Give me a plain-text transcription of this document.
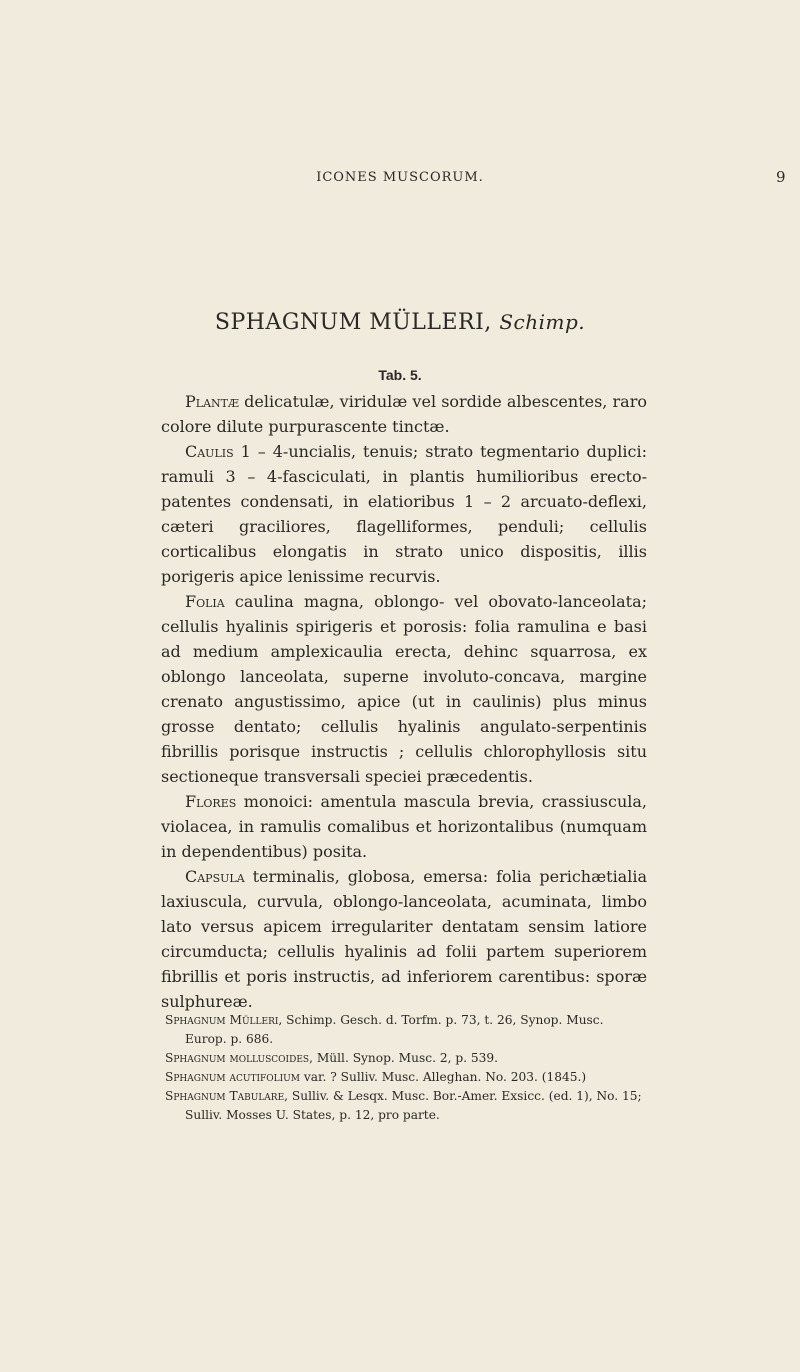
ICONES MUSCORUM.	9
SPHAGNUM MÜLLERI, Schimp.
Tab. 5.

Plantæ delicatulæ, viridulæ vel sordide albescentes, raro colore dilute purpurascente tinctæ.

Caulis 1 – 4-uncialis, tenuis; strato tegmentario duplici: ramuli 3 – 4-fasciculati, in plantis humilioribus erecto-patentes condensati, in elatioribus 1 – 2 arcuato-deflexi, cæteri graciliores, flagelliformes, penduli; cellulis corticalibus elongatis in strato unico dispositis, illis porigeris apice lenissime recurvis.

Folia caulina magna, oblongo- vel obovato-lanceolata; cellulis hyalinis spirigeris et porosis: folia ramulina e basi ad medium amplexicaulia erecta, dehinc squarrosa, ex oblongo lanceolata, superne involuto-concava, margine crenato angustissimo, apice (ut in caulinis) plus minus grosse dentato; cellulis hyalinis angulato-serpentinis fibrillis porisque instructis ; cellulis chlorophyllosis situ sectioneque transversali speciei præcedentis.

Flores monoici: amentula mascula brevia, crassiuscula, violacea, in ramulis comalibus et horizontalibus (numquam in dependentibus) posita.

Capsula terminalis, globosa, emersa: folia perichætialia laxiuscula, curvula, oblongo-lanceolata, acuminata, limbo lato versus apicem irregulariter dentatam sensim latiore circumducta; cellulis hyalinis ad folii partem superiorem fibrillis et poris instructis, ad inferiorem carentibus: sporæ sulphureæ.

Sphagnum Mülleri, Schimp. Gesch. d. Torfm. p. 73, t. 26, Synop. Musc. Europ. p. 686.

Sphagnum molluscoides, Müll. Synop. Musc. 2, p. 539.

Sphagnum acutifolium var. ? Sulliv. Musc. Alleghan. No. 203. (1845.)

Sphagnum Tabulare, Sulliv. & Lesqx. Musc. Bor.-Amer. Exsicc. (ed. 1), No. 15; Sulliv. Mosses U. States, p. 12, pro parte.
